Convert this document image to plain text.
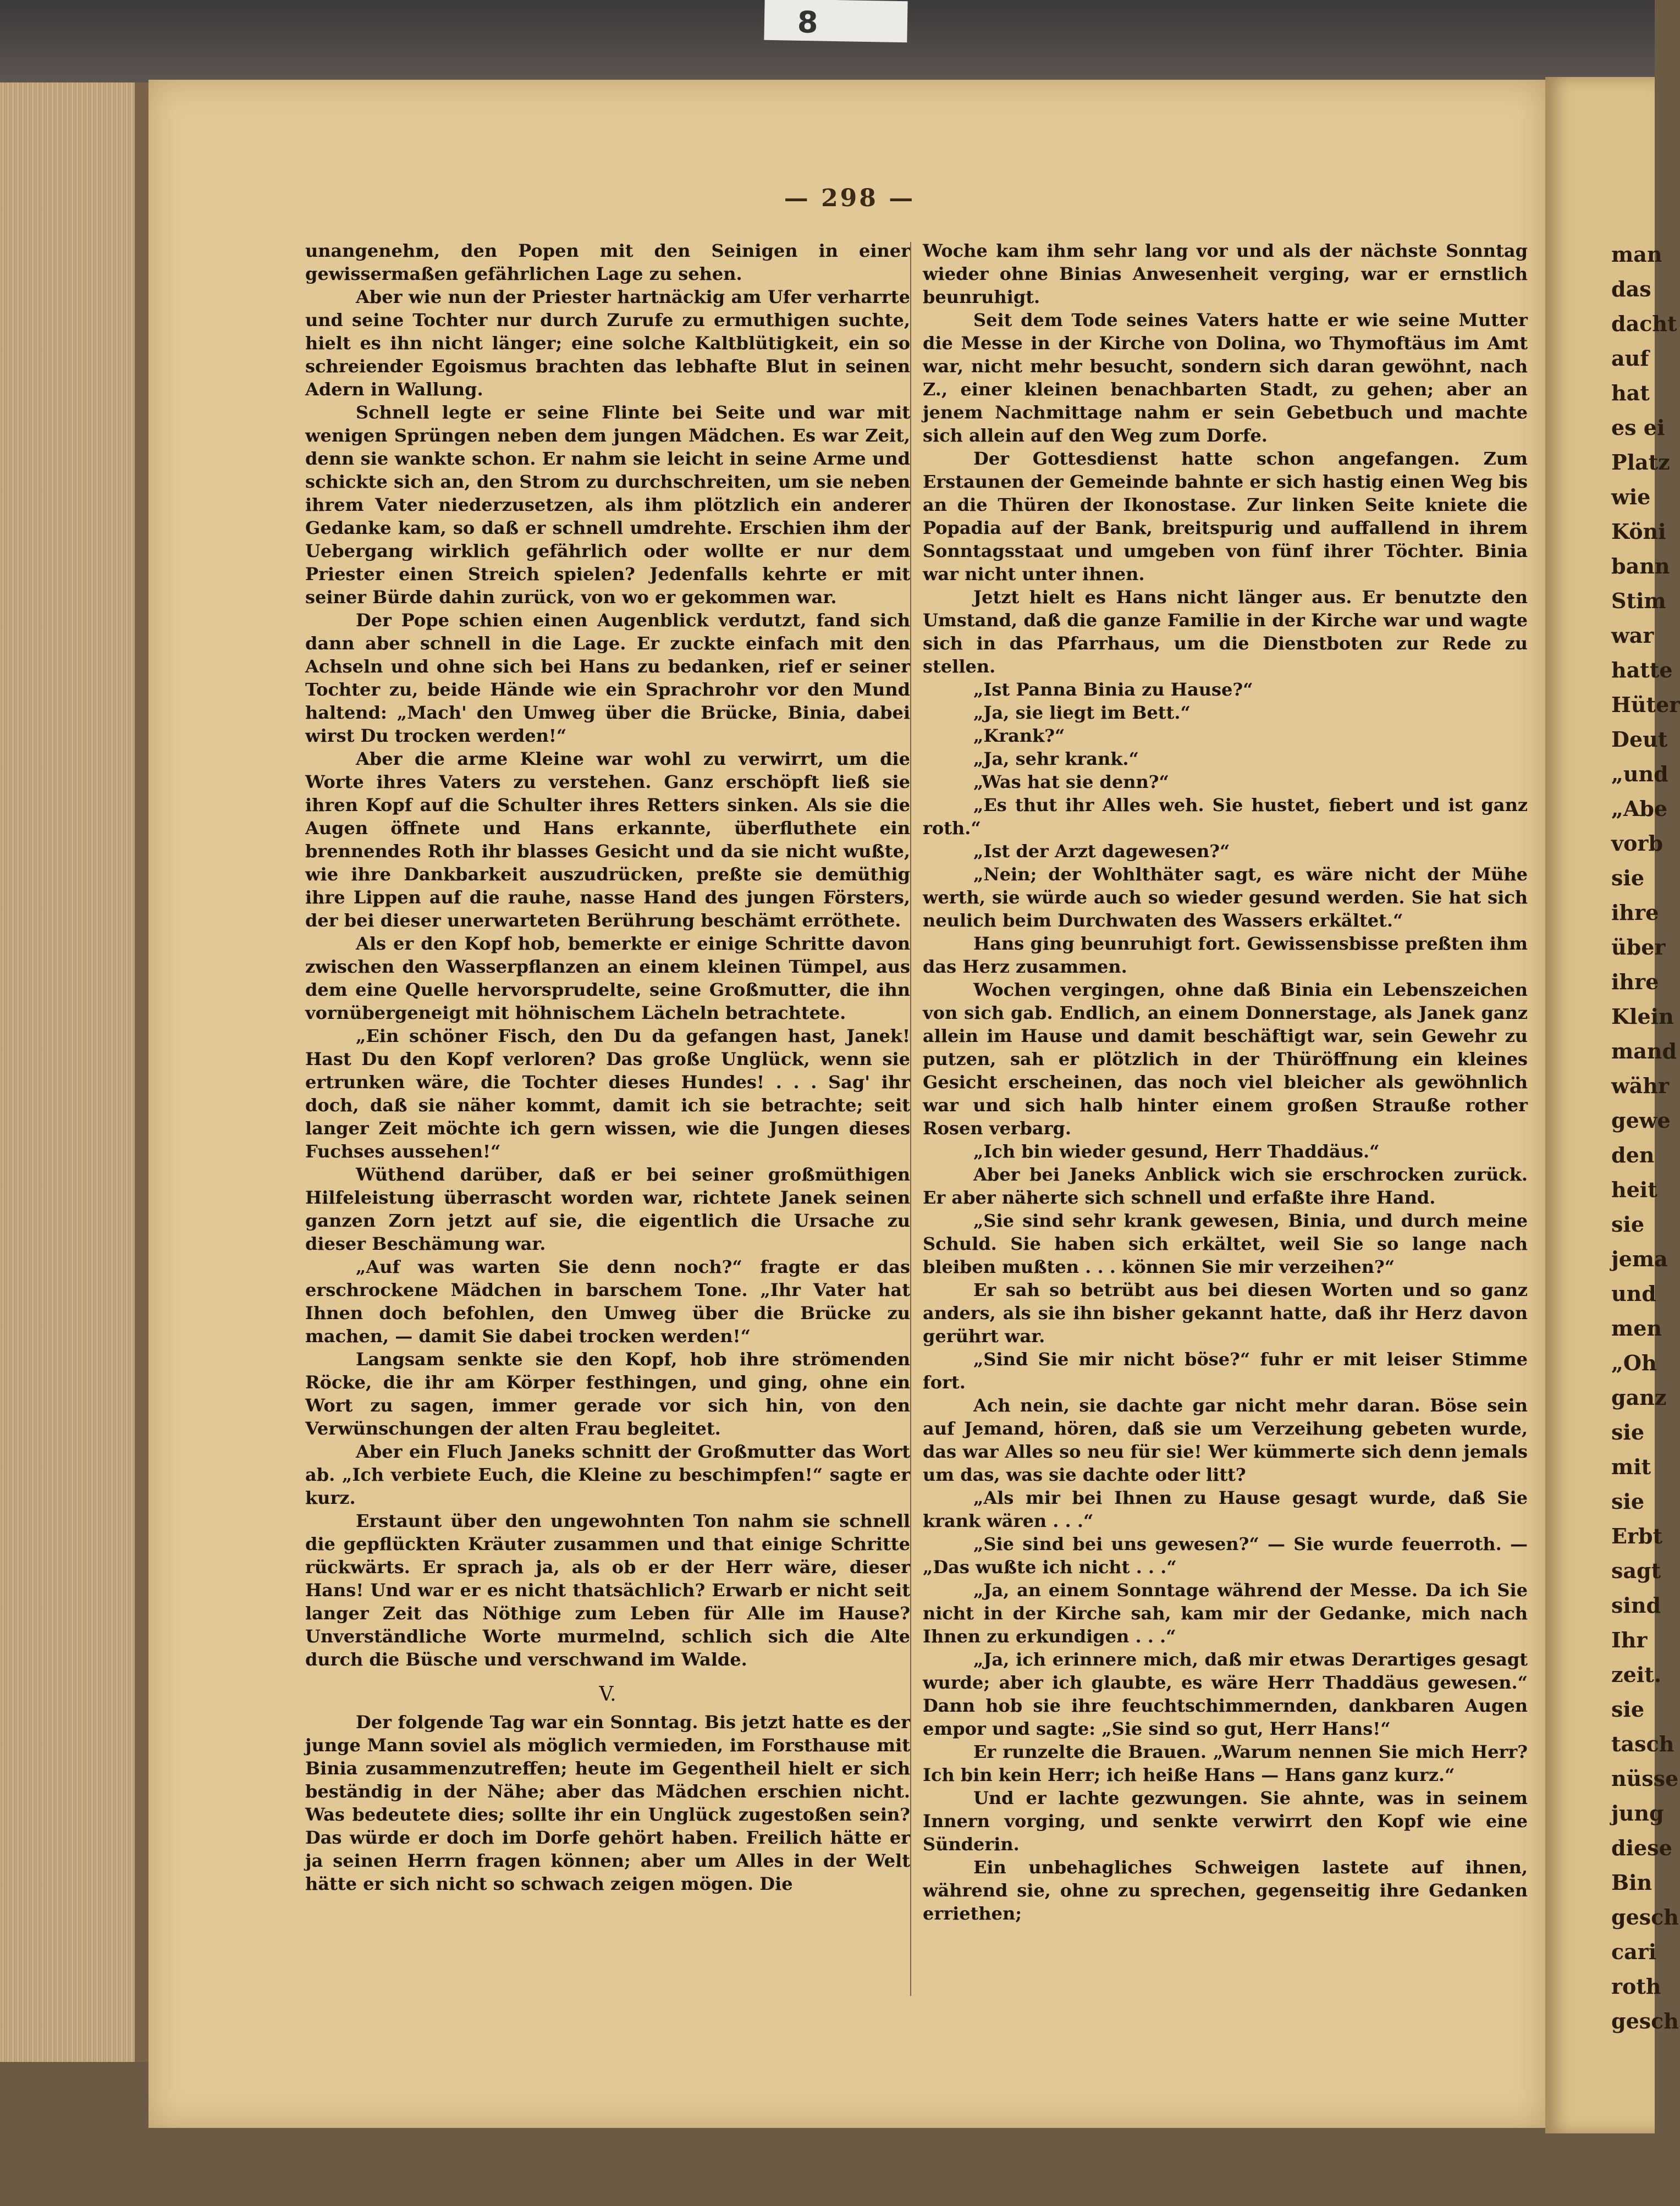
8
— 298 —

unangenehm, den Popen mit den Seinigen in einer gewissermaßen gefährlichen Lage zu sehen.

Aber wie nun der Priester hartnäckig am Ufer verharrte und seine Tochter nur durch Zurufe zu ermuthigen suchte, hielt es ihn nicht länger; eine solche Kaltblütigkeit, ein so schreiender Egoismus brachten das lebhafte Blut in seinen Adern in Wallung.

Schnell legte er seine Flinte bei Seite und war mit wenigen Sprüngen neben dem jungen Mädchen. Es war Zeit, denn sie wankte schon. Er nahm sie leicht in seine Arme und schickte sich an, den Strom zu durchschreiten, um sie neben ihrem Vater niederzusetzen, als ihm plötzlich ein anderer Gedanke kam, so daß er schnell umdrehte. Erschien ihm der Uebergang wirklich gefährlich oder wollte er nur dem Priester einen Streich spielen? Jedenfalls kehrte er mit seiner Bürde dahin zurück, von wo er gekommen war.

Der Pope schien einen Augenblick verdutzt, fand sich dann aber schnell in die Lage. Er zuckte einfach mit den Achseln und ohne sich bei Hans zu bedanken, rief er seiner Tochter zu, beide Hände wie ein Sprachrohr vor den Mund haltend: „Mach' den Umweg über die Brücke, Binia, dabei wirst Du trocken werden!“

Aber die arme Kleine war wohl zu verwirrt, um die Worte ihres Vaters zu verstehen. Ganz erschöpft ließ sie ihren Kopf auf die Schulter ihres Retters sinken. Als sie die Augen öffnete und Hans erkannte, überfluthete ein brennendes Roth ihr blasses Gesicht und da sie nicht wußte, wie ihre Dankbarkeit auszudrücken, preßte sie demüthig ihre Lippen auf die rauhe, nasse Hand des jungen Försters, der bei dieser unerwarteten Berührung beschämt erröthete.

Als er den Kopf hob, bemerkte er einige Schritte davon zwischen den Wasserpflanzen an einem kleinen Tümpel, aus dem eine Quelle hervorsprudelte, seine Großmutter, die ihn vornübergeneigt mit höhnischem Lächeln betrachtete.

„Ein schöner Fisch, den Du da gefangen hast, Janek! Hast Du den Kopf verloren? Das große Unglück, wenn sie ertrunken wäre, die Tochter dieses Hundes! . . . Sag' ihr doch, daß sie näher kommt, damit ich sie betrachte; seit langer Zeit möchte ich gern wissen, wie die Jungen dieses Fuchses aussehen!“

Wüthend darüber, daß er bei seiner großmüthigen Hilfeleistung überrascht worden war, richtete Janek seinen ganzen Zorn jetzt auf sie, die eigentlich die Ursache zu dieser Beschämung war.

„Auf was warten Sie denn noch?“ fragte er das erschrockene Mädchen in barschem Tone. „Ihr Vater hat Ihnen doch befohlen, den Umweg über die Brücke zu machen, — damit Sie dabei trocken werden!“

Langsam senkte sie den Kopf, hob ihre strömenden Röcke, die ihr am Körper festhingen, und ging, ohne ein Wort zu sagen, immer gerade vor sich hin, von den Verwünschungen der alten Frau begleitet.

Aber ein Fluch Janeks schnitt der Großmutter das Wort ab. „Ich verbiete Euch, die Kleine zu beschimpfen!“ sagte er kurz.

Erstaunt über den ungewohnten Ton nahm sie schnell die gepflückten Kräuter zusammen und that einige Schritte rückwärts. Er sprach ja, als ob er der Herr wäre, dieser Hans! Und war er es nicht thatsächlich? Erwarb er nicht seit langer Zeit das Nöthige zum Leben für Alle im Hause? Unverständliche Worte murmelnd, schlich sich die Alte durch die Büsche und verschwand im Walde.

V.

Der folgende Tag war ein Sonntag. Bis jetzt hatte es der junge Mann soviel als möglich vermieden, im Forsthause mit Binia zusammenzutreffen; heute im Gegentheil hielt er sich beständig in der Nähe; aber das Mädchen erschien nicht. Was bedeutete dies; sollte ihr ein Unglück zugestoßen sein? Das würde er doch im Dorfe gehört haben. Freilich hätte er ja seinen Herrn fragen können; aber um Alles in der Welt hätte er sich nicht so schwach zeigen mögen. Die

Woche kam ihm sehr lang vor und als der nächste Sonntag wieder ohne Binias Anwesenheit verging, war er ernstlich beunruhigt.

Seit dem Tode seines Vaters hatte er wie seine Mutter die Messe in der Kirche von Dolina, wo Thymoftäus im Amt war, nicht mehr besucht, sondern sich daran gewöhnt, nach Z., einer kleinen benachbarten Stadt, zu gehen; aber an jenem Nachmittage nahm er sein Gebetbuch und machte sich allein auf den Weg zum Dorfe.

Der Gottesdienst hatte schon angefangen. Zum Erstaunen der Gemeinde bahnte er sich hastig einen Weg bis an die Thüren der Ikonostase. Zur linken Seite kniete die Popadia auf der Bank, breitspurig und auffallend in ihrem Sonntagsstaat und umgeben von fünf ihrer Töchter. Binia war nicht unter ihnen.

Jetzt hielt es Hans nicht länger aus. Er benutzte den Umstand, daß die ganze Familie in der Kirche war und wagte sich in das Pfarrhaus, um die Dienstboten zur Rede zu stellen.

„Ist Panna Binia zu Hause?“

„Ja, sie liegt im Bett.“

„Krank?“

„Ja, sehr krank.“

„Was hat sie denn?“

„Es thut ihr Alles weh. Sie hustet, fiebert und ist ganz roth.“

„Ist der Arzt dagewesen?“

„Nein; der Wohlthäter sagt, es wäre nicht der Mühe werth, sie würde auch so wieder gesund werden. Sie hat sich neulich beim Durchwaten des Wassers erkältet.“

Hans ging beunruhigt fort. Gewissensbisse preßten ihm das Herz zusammen.

Wochen vergingen, ohne daß Binia ein Lebenszeichen von sich gab. Endlich, an einem Donnerstage, als Janek ganz allein im Hause und damit beschäftigt war, sein Gewehr zu putzen, sah er plötzlich in der Thüröffnung ein kleines Gesicht erscheinen, das noch viel bleicher als gewöhnlich war und sich halb hinter einem großen Strauße rother Rosen verbarg.

„Ich bin wieder gesund, Herr Thaddäus.“

Aber bei Janeks Anblick wich sie erschrocken zurück. Er aber näherte sich schnell und erfaßte ihre Hand.

„Sie sind sehr krank gewesen, Binia, und durch meine Schuld. Sie haben sich erkältet, weil Sie so lange nach bleiben mußten . . . können Sie mir verzeihen?“

Er sah so betrübt aus bei diesen Worten und so ganz anders, als sie ihn bisher gekannt hatte, daß ihr Herz davon gerührt war.

„Sind Sie mir nicht böse?“ fuhr er mit leiser Stimme fort.

Ach nein, sie dachte gar nicht mehr daran. Böse sein auf Jemand, hören, daß sie um Verzeihung gebeten wurde, das war Alles so neu für sie! Wer kümmerte sich denn jemals um das, was sie dachte oder litt?

„Als mir bei Ihnen zu Hause gesagt wurde, daß Sie krank wären . . .“

„Sie sind bei uns gewesen?“ — Sie wurde feuerroth. — „Das wußte ich nicht . . .“

„Ja, an einem Sonntage während der Messe. Da ich Sie nicht in der Kirche sah, kam mir der Gedanke, mich nach Ihnen zu erkundigen . . .“

„Ja, ich erinnere mich, daß mir etwas Derartiges gesagt wurde; aber ich glaubte, es wäre Herr Thaddäus gewesen.“ Dann hob sie ihre feuchtschimmernden, dankbaren Augen empor und sagte: „Sie sind so gut, Herr Hans!“

Er runzelte die Brauen. „Warum nennen Sie mich Herr? Ich bin kein Herr; ich heiße Hans — Hans ganz kurz.“

Und er lachte gezwungen. Sie ahnte, was in seinem Innern vorging, und senkte verwirrt den Kopf wie eine Sünderin.

Ein unbehagliches Schweigen lastete auf ihnen, während sie, ohne zu sprechen, gegenseitig ihre Gedanken erriethen;

man
das
dacht
auf
hat
es ei
Platz
wie
Köni
bann
Stim
war
hatte
Hüter
Deut
„und
„Abe
vorb
sie
ihre
über
ihre
Klein
mand
währ
gewe
den
heit
sie
jema
und
men
„Oh
ganz
sie
mit
sie
Erbt
sagt
sind
Ihr
zeit.
sie
tasch
nüsse
jung
diese
Bin
gesch
cari
roth
gesch
